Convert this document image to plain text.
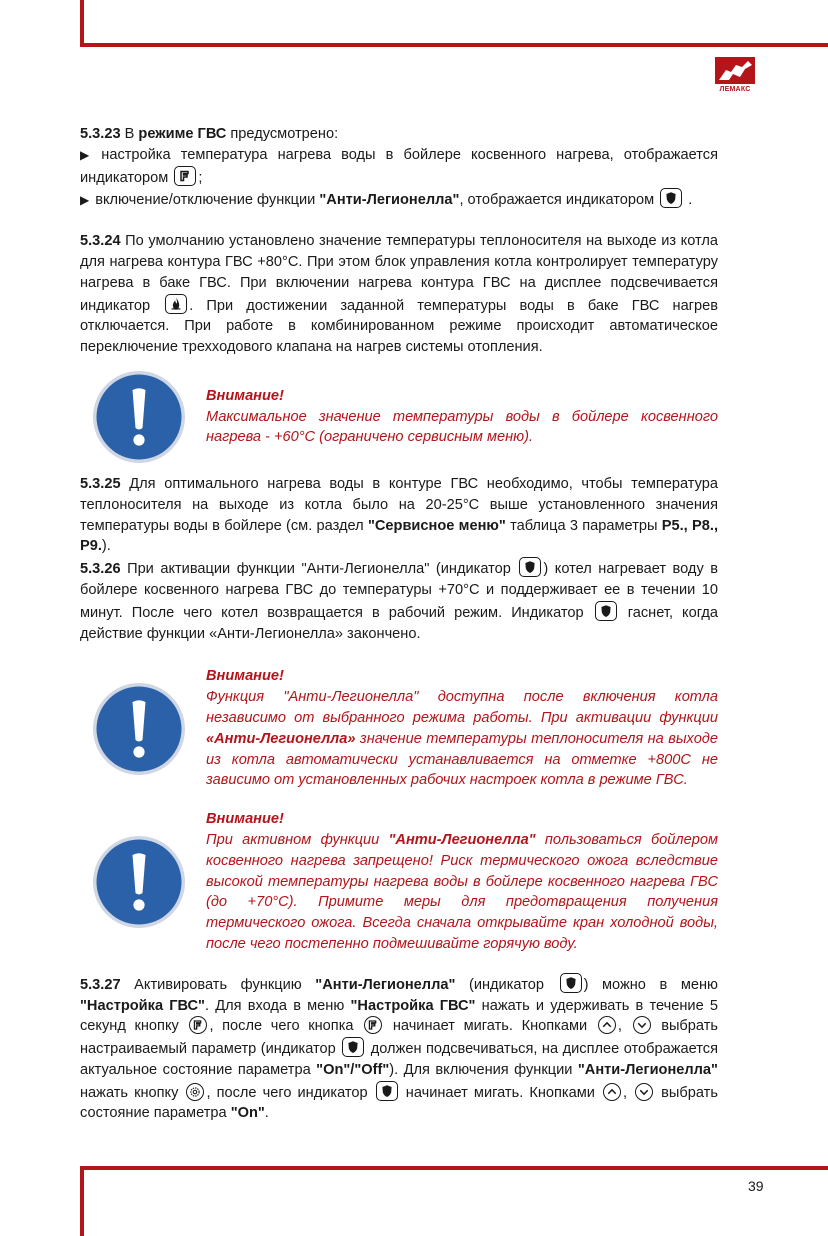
ЛЕМАКС

5.3.23 В режиме ГВС предусмотрено:

▶ настройка температура нагрева воды в бойлере косвенного нагрева, отображается индикатором ;

▶ включение/отключение функции "Анти-Легионелла", отображается индикатором .

5.3.24 По умолчанию установлено значение температуры теплоносителя на выходе из котла для нагрева контура ГВС +80°С. При этом блок управления котла контролирует температуру нагрева в баке ГВС. При включении нагрева контура ГВС на дисплее подсвечивается индикатор	. При достижении заданной температуры воды в баке ГВС нагрев отключается. При работе в комбинированном режиме происходит автоматическое переключение трехходового клапана на нагрев системы отопления.

Внимание!

Максимальное значение температуры воды в бойлере косвенного нагрева - +60°С (ограничено сервисным меню).

5.3.25 Для оптимального нагрева воды в контуре ГВС необходимо, чтобы температура теплоносителя на выходе из котла было на 20-25°С выше установленного значения температуры воды в бойлере (см. раздел "Сервисное меню" таблица 3 параметры Р5., Р8., Р9.).

5.3.26 При активации функции "Анти-Легионелла" (индикатор ) котел нагревает воду в бойлере косвенного нагрева ГВС до температуры +70°С и поддерживает ее в течении 10 минут. После чего котел возвращается в рабочий режим. Индикатор	гаснет, когда действие функции «Анти-Легионелла» закончено.

Внимание!

Функция "Анти-Легионелла" доступна после включения котла независимо от выбранного режима работы. При активации функции «Анти-Легионелла» значение температуры теплоносителя на выходе из котла автоматически устанавливается на отметке +800С не зависимо от установленных рабочих настроек котла в режиме ГВС.

Внимание!

При активном функции "Анти-Легионелла" пользоваться бойлером косвенного нагрева запрещено! Риск термического ожога вследствие высокой температуры нагрева воды в бойлере косвенного нагрева ГВС (до +70°С). Примите меры для предотвращения получения термического ожога. Всегда сначала открывайте кран холодной воды, после чего постепенно подмешивайте горячую воду.

5.3.27 Активировать функцию "Анти-Легионелла" (индикатор	) можно в меню "Настройка ГВС". Для входа в меню "Настройка ГВС" нажать и удерживать в течение 5 секунд кнопку , после чего кнопка	начинает мигать. Кнопками ,	выбрать настраиваемый параметр (индикатор должен подсвечиваться, на дисплее отображается актуальное состояние параметра "On"/"Off"). Для включения функции "Анти-Легионелла" нажать кнопку , после чего индикатор	начинает мигать. Кнопками , выбрать состояние параметра "On".

39
